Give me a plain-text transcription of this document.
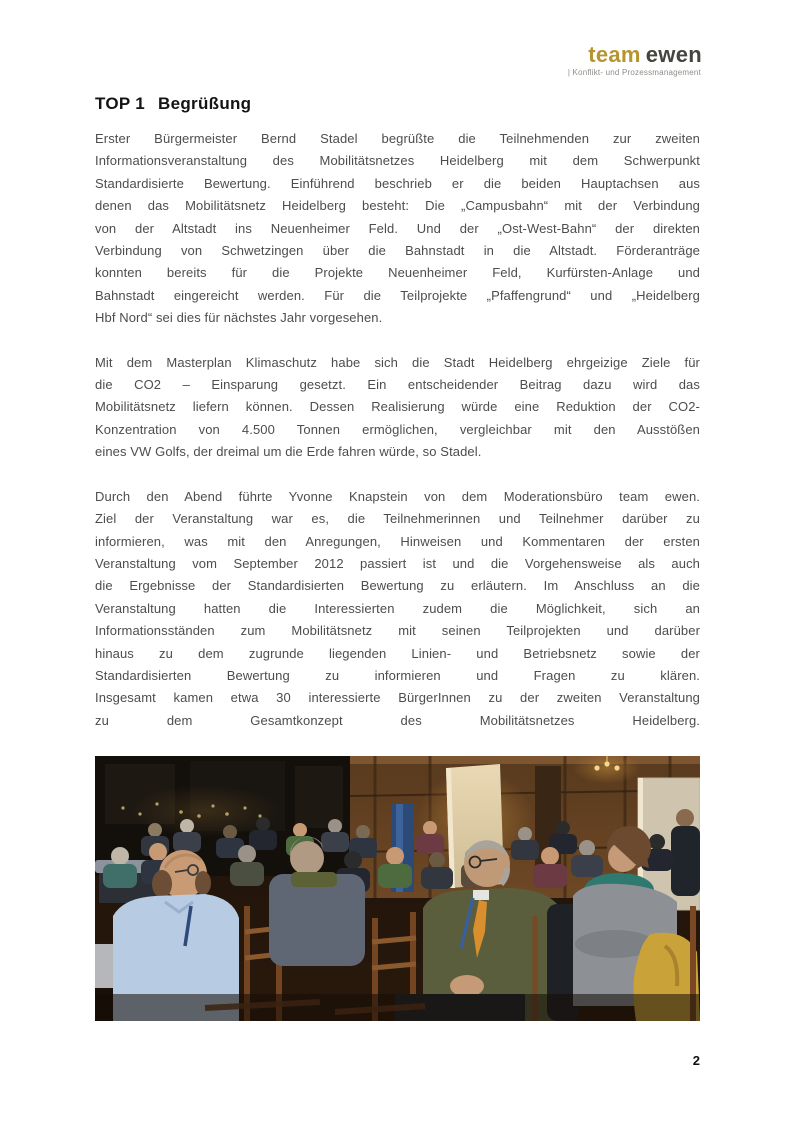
team ewen
| Konflikt- und Prozessmanagement
TOP 1 Begrüßung
Erster Bürgermeister Bernd Stadel begrüßte die Teilnehmenden zur zweiten
Informationsveranstaltung des Mobilitätsnetzes Heidelberg mit dem Schwerpunkt
Standardisierte Bewertung. Einführend beschrieb er die beiden Hauptachsen aus
denen das Mobilitätsnetz Heidelberg besteht: Die „Campusbahn“ mit der Verbindung
von der Altstadt ins Neuenheimer Feld. Und der „Ost-West-Bahn“ der direkten
Verbindung von Schwetzingen über die Bahnstadt in die Altstadt. Förderanträge
konnten bereits für die Projekte Neuenheimer Feld, Kurfürsten-Anlage und
Bahnstadt eingereicht werden. Für die Teilprojekte „Pfaffengrund“ und „Heidelberg
Hbf Nord“ sei dies für nächstes Jahr vorgesehen.
Mit dem Masterplan Klimaschutz habe sich die Stadt Heidelberg ehrgeizige Ziele für
die CO2 – Einsparung gesetzt. Ein entscheidender Beitrag dazu wird das
Mobilitätsnetz liefern können. Dessen Realisierung würde eine Reduktion der CO2-
Konzentration von 4.500 Tonnen ermöglichen, vergleichbar mit den Ausstößen
eines VW Golfs, der dreimal um die Erde fahren würde, so Stadel.
Durch den Abend führte Yvonne Knapstein von dem Moderationsbüro team ewen.
Ziel der Veranstaltung war es, die Teilnehmerinnen und Teilnehmer darüber zu
informieren, was mit den Anregungen, Hinweisen und Kommentaren der ersten
Veranstaltung vom September 2012 passiert ist und die Vorgehensweise als auch
die Ergebnisse der Standardisierten Bewertung zu erläutern. Im Anschluss an die
Veranstaltung hatten die Interessierten zudem die Möglichkeit, sich an
Informationsständen zum Mobilitätsnetz mit seinen Teilprojekten und darüber
hinaus zu dem zugrunde liegenden Linien- und Betriebsnetz sowie der
Standardisierten Bewertung zu informieren und Fragen zu klären.
Insgesamt kamen etwa 30 interessierte BürgerInnen zu der zweiten Veranstaltung
zu dem Gesamtkonzept des Mobilitätsnetzes Heidelberg.
2
